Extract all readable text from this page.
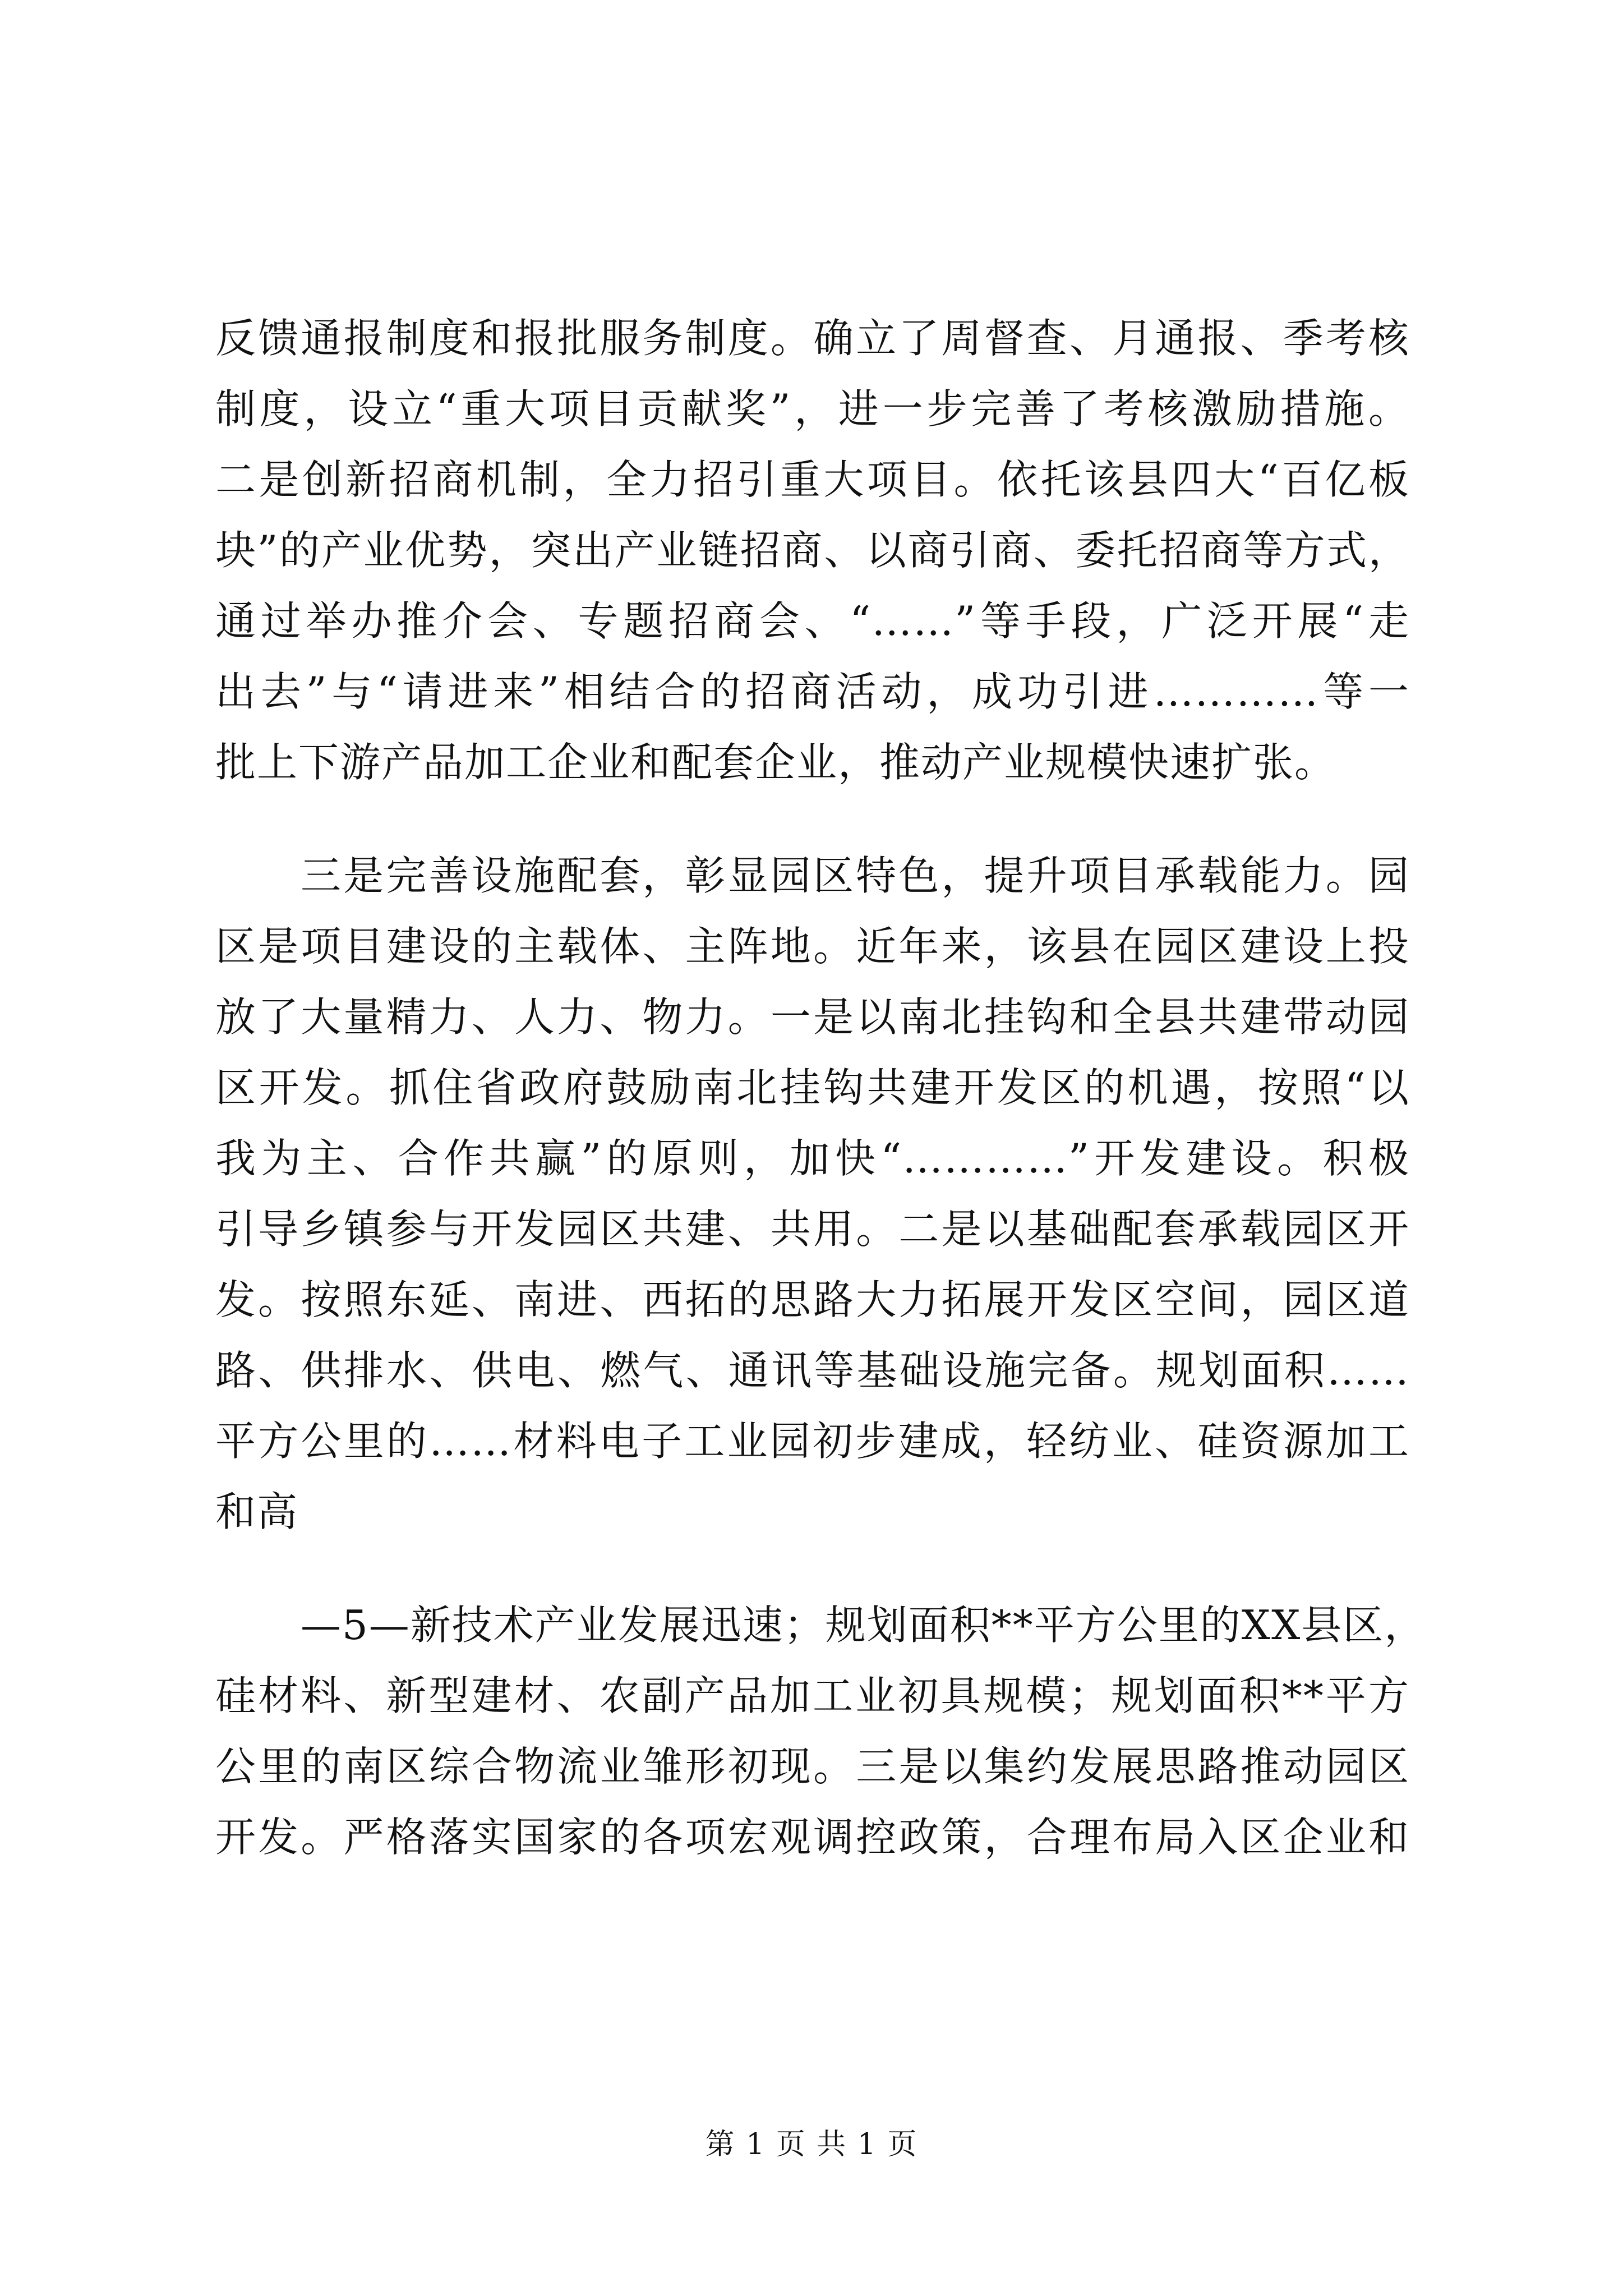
反馈通报制度和报批服务制度。确立了周督查、月通报、季考核
制度，设立“重大项目贡献奖”，进一步完善了考核激励措施。
二是创新招商机制，全力招引重大项目。依托该县四大“百亿板
块”的产业优势，突出产业链招商、以商引商、委托招商等方式，
通过举办推介会、专题招商会、“……”等手段，广泛开展“走
出去”与“请进来”相结合的招商活动，成功引进…………等一
批上下游产品加工企业和配套企业，推动产业规模快速扩张。
三是完善设施配套，彰显园区特色，提升项目承载能力。园
区是项目建设的主载体、主阵地。近年来，该县在园区建设上投
放了大量精力、人力、物力。一是以南北挂钩和全县共建带动园
区开发。抓住省政府鼓励南北挂钩共建开发区的机遇，按照“以
我为主、合作共赢”的原则，加快“…………”开发建设。积极
引导乡镇参与开发园区共建、共用。二是以基础配套承载园区开
发。按照东延、南进、西拓的思路大力拓展开发区空间，园区道
路、供排水、供电、燃气、通讯等基础设施完备。规划面积……
平方公里的……材料电子工业园初步建成，轻纺业、硅资源加工
和高
—5—新技术产业发展迅速；规划面积**平方公里的XX县区，
硅材料、新型建材、农副产品加工业初具规模；规划面积**平方
公里的南区综合物流业雏形初现。三是以集约发展思路推动园区
开发。严格落实国家的各项宏观调控政策，合理布局入区企业和
第 1 页 共 1 页
